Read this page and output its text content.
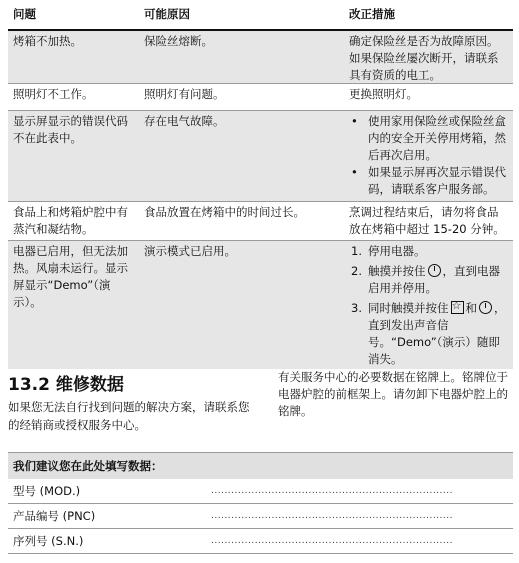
问题	可能原因	改正措施
烤箱不加热。	保险丝熔断。	确定保险丝是否为故障原因。如果保险丝屡次断开，请联系具有资质的电工。
照明灯不工作。	照明灯有问题。	更换照明灯。
显示屏显示的错误代码不在此表中。
存在电气故障。	• 使用家用保险丝或保险丝盒内的安全开关停用烤箱，然后再次启用。
• 如果显示屏再次显示错误代码，请联系客户服务部。
食品上和烤箱炉腔中有蒸汽和凝结物。
食品放置在烤箱中的时间过长。	烹调过程结束后，请勿将食品放在烤箱中超过 15-20 分钟。
电器已启用，但无法加热。风扇未运行。显示屏显示“Demo”（演示）。
演示模式已启用。	1. 停用电器。
2. 触摸并按住 ，直到电器启用并停用。
3. 同时触摸并按住☆ 和 ，直到发出声音信号。“Demo”（演示）随即消失。
13.2 维修数据
如果您无法自行找到问题的解决方案，请联系您的经销商或授权服务中心。
有关服务中心的必要数据在铭牌上。铭牌位于电器炉腔的前框架上。请勿卸下电器炉腔上的铭牌。
我们建议您在此处填写数据：
型号 (MOD.)	........................................................................
产品编号 (PNC)	........................................................................
序列号 (S.N.)	........................................................................
